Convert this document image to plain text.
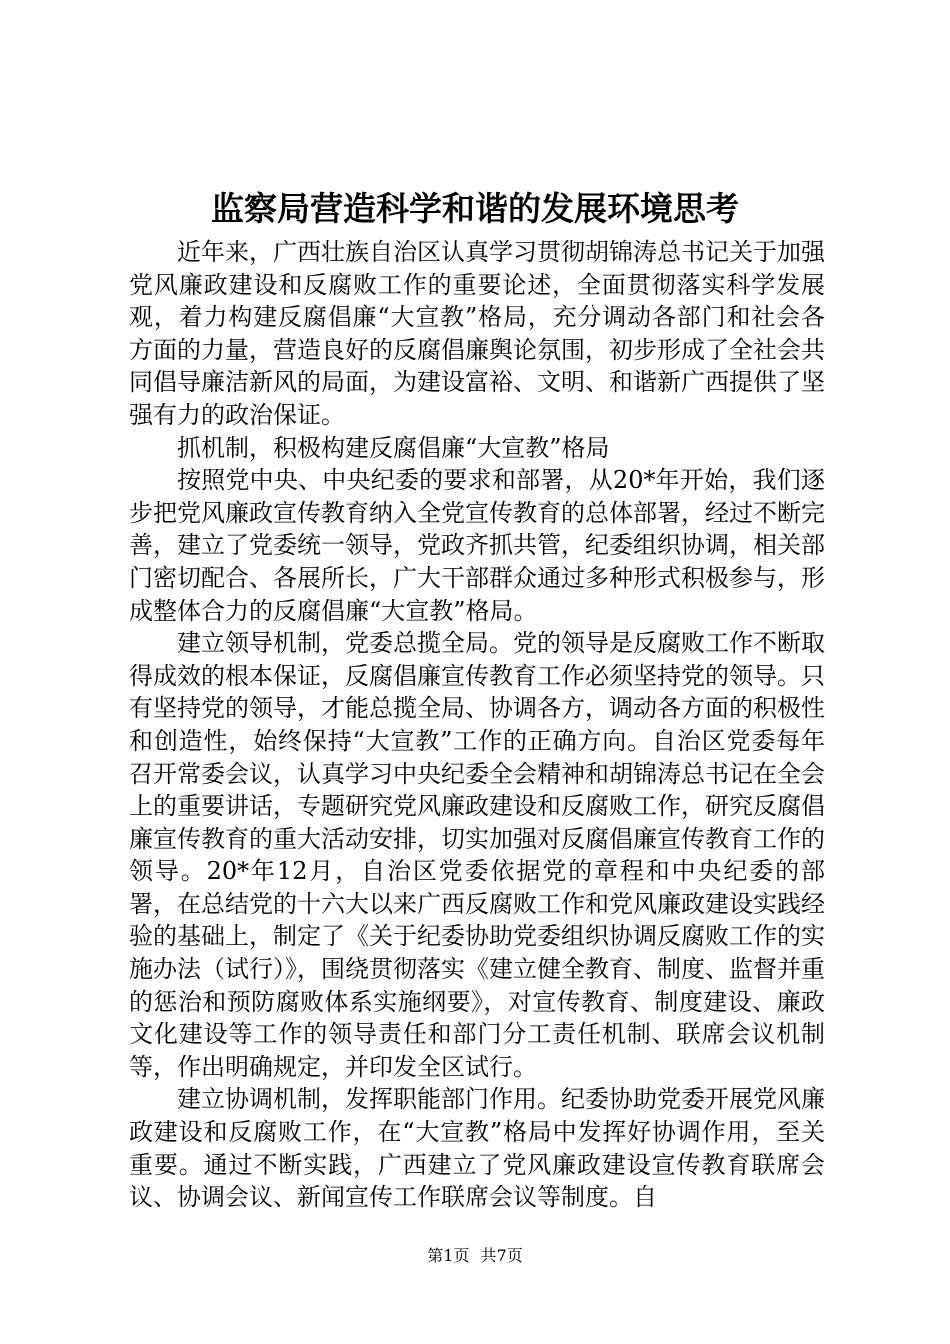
监察局营造科学和谐的发展环境思考

近年来，广西壮族自治区认真学习贯彻胡锦涛总书记关于加强党风廉政建设和反腐败工作的重要论述，全面贯彻落实科学发展观，着力构建反腐倡廉“大宣教”格局，充分调动各部门和社会各方面的力量，营造良好的反腐倡廉舆论氛围，初步形成了全社会共同倡导廉洁新风的局面，为建设富裕、文明、和谐新广西提供了坚强有力的政治保证。

抓机制，积极构建反腐倡廉“大宣教”格局

按照党中央、中央纪委的要求和部署，从20*年开始，我们逐步把党风廉政宣传教育纳入全党宣传教育的总体部署，经过不断完善，建立了党委统一领导，党政齐抓共管，纪委组织协调，相关部门密切配合、各展所长，广大干部群众通过多种形式积极参与，形成整体合力的反腐倡廉“大宣教”格局。

建立领导机制，党委总揽全局。党的领导是反腐败工作不断取得成效的根本保证，反腐倡廉宣传教育工作必须坚持党的领导。只有坚持党的领导，才能总揽全局、协调各方，调动各方面的积极性和创造性，始终保持“大宣教”工作的正确方向。自治区党委每年召开常委会议，认真学习中央纪委全会精神和胡锦涛总书记在全会上的重要讲话，专题研究党风廉政建设和反腐败工作，研究反腐倡廉宣传教育的重大活动安排，切实加强对反腐倡廉宣传教育工作的领导。20*年12月，自治区党委依据党的章程和中央纪委的部署，在总结党的十六大以来广西反腐败工作和党风廉政建设实践经验的基础上，制定了《关于纪委协助党委组织协调反腐败工作的实施办法（试行）》，围绕贯彻落实《建立健全教育、制度、监督并重的惩治和预防腐败体系实施纲要》，对宣传教育、制度建设、廉政文化建设等工作的领导责任和部门分工责任机制、联席会议机制等，作出明确规定，并印发全区试行。

建立协调机制，发挥职能部门作用。纪委协助党委开展党风廉政建设和反腐败工作，在“大宣教”格局中发挥好协调作用，至关重要。通过不断实践，广西建立了党风廉政建设宣传教育联席会议、协调会议、新闻宣传工作联席会议等制度。自

第1页 共7页
